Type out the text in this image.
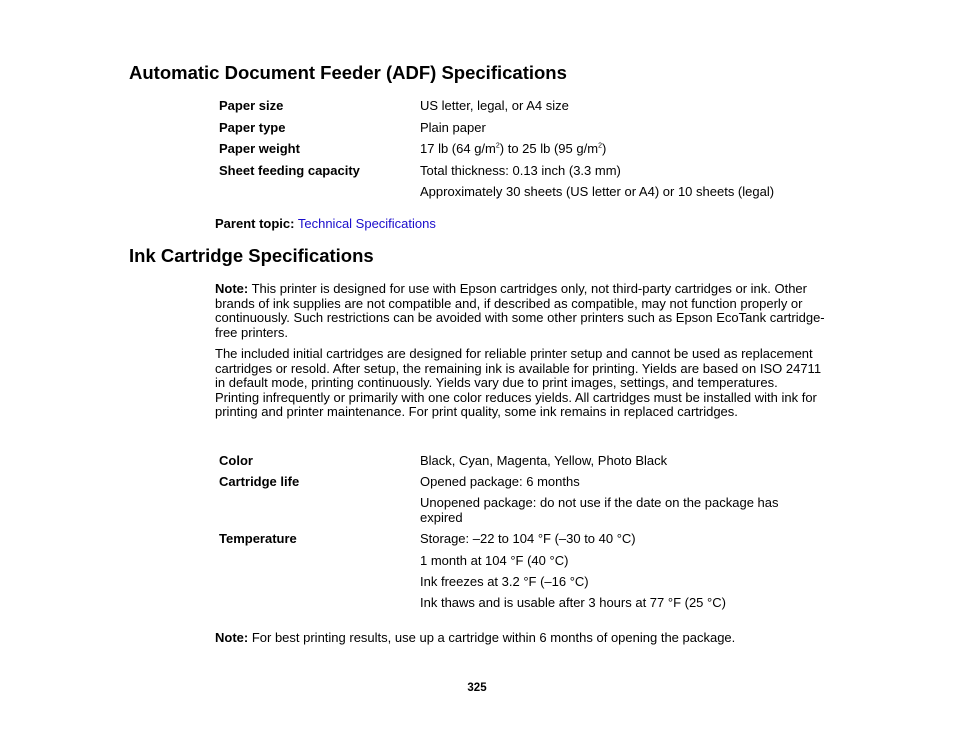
Automatic Document Feeder (ADF) Specifications
Paper size	US letter, legal, or A4 size
Paper type	Plain paper
Paper weight	17 lb (64 $g/m^2$) to 25 lb (95 $g/m^2$)
Sheet feeding capacity	Total thickness: 0.13 inch (3.3 mm)
Approximately 30 sheets (US letter or A4) or 10 sheets (legal)

Parent topic: Technical Specifications

Ink Cartridge Specifications

Note: This printer is designed for use with Epson cartridges only, not third-party cartridges or ink. Other brands of ink supplies are not compatible and, if described as compatible, may not function properly or continuously. Such restrictions can be avoided with some other printers such as Epson EcoTank cartridge-free printers.

The included initial cartridges are designed for reliable printer setup and cannot be used as replacement cartridges or resold. After setup, the remaining ink is available for printing. Yields are based on ISO 24711 in default mode, printing continuously. Yields vary due to print images, settings, and temperatures. Printing infrequently or primarily with one color reduces yields. All cartridges must be installed with ink for printing and printer maintenance. For print quality, some ink remains in replaced cartridges.

Color	Black, Cyan, Magenta, Yellow, Photo Black
Cartridge life	Opened package: 6 months
Unopened package: do not use if the date on the package has expired
Temperature	Storage: –22 to 104 °F (–30 to 40 °C)
1 month at 104 °F (40 °C)
Ink freezes at 3.2 °F (–16 °C)
Ink thaws and is usable after 3 hours at 77 °F (25 °C)

Note: For best printing results, use up a cartridge within 6 months of opening the package.

325
